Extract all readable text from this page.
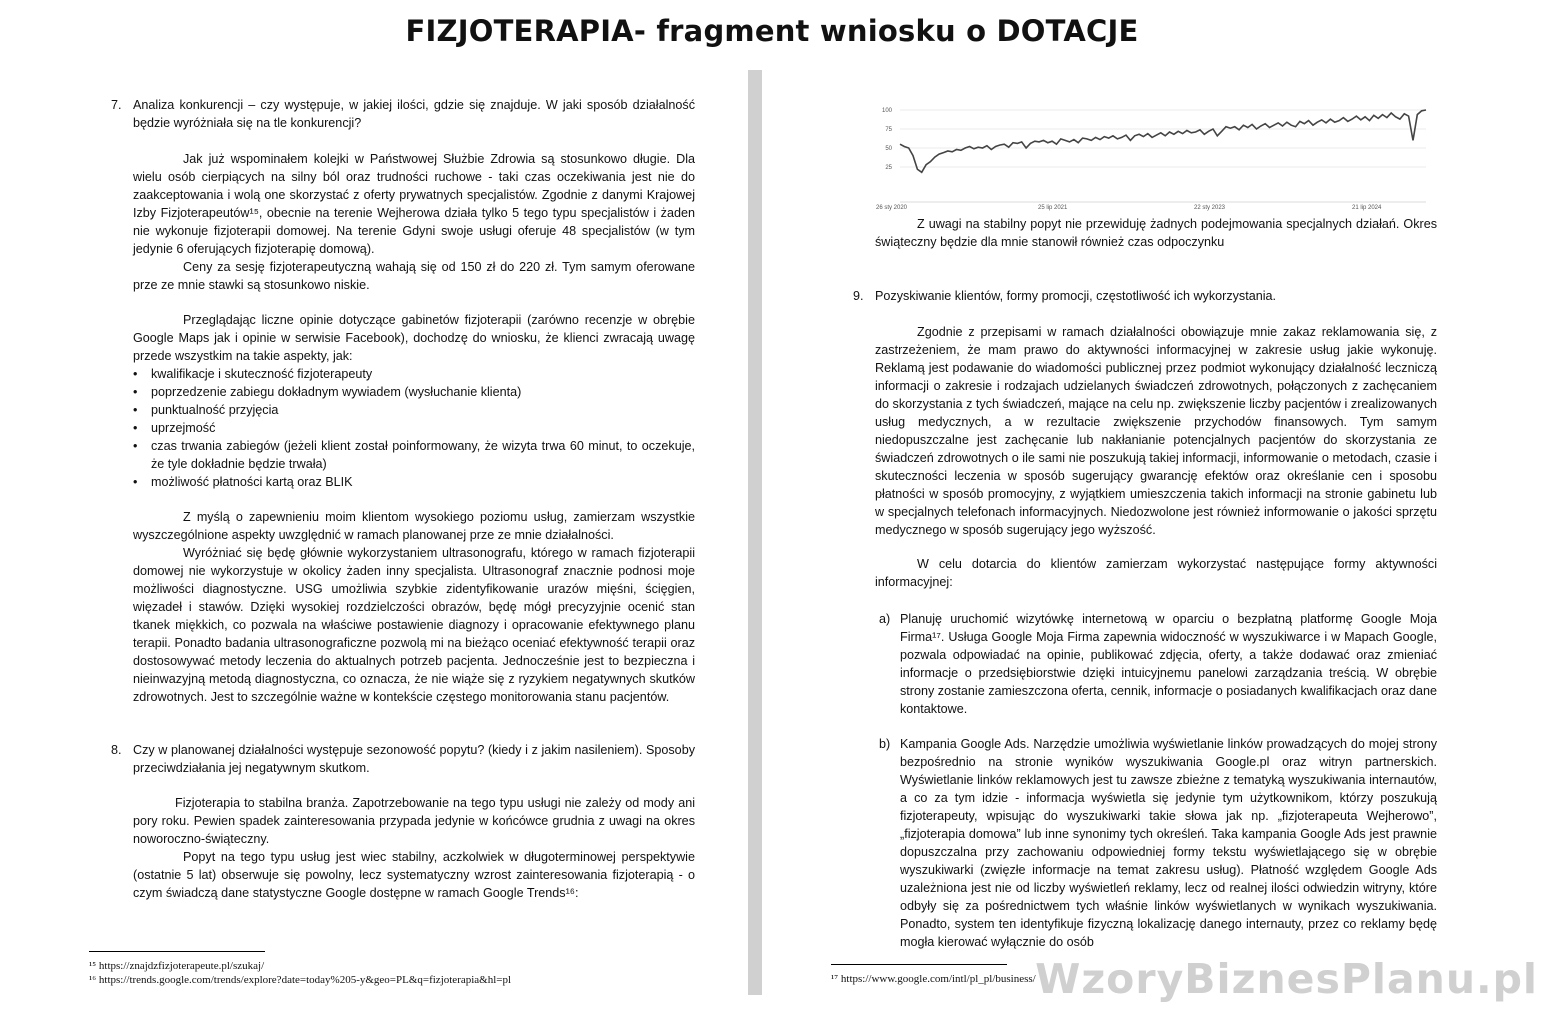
FIZJOTERAPIA- fragment wniosku o DOTACJE
7. Analiza konkurencji – czy występuje, w jakiej ilości, gdzie się znajduje. W jaki sposób działalność będzie wyróżniała się na tle konkurencji?

Jak już wspominałem kolejki w Państwowej Służbie Zdrowia są stosunkowo długie. Dla wielu osób cierpiących na silny ból oraz trudności ruchowe - taki czas oczekiwania jest nie do zaakceptowania i wolą one skorzystać z oferty prywatnych specjalistów. Zgodnie z danymi Krajowej Izby Fizjoterapeutów¹⁵, obecnie na terenie Wejherowa działa tylko 5 tego typu specjalistów i żaden nie wykonuje fizjoterapii domowej. Na terenie Gdyni swoje usługi oferuje 48 specjalistów (w tym jedynie 6 oferujących fizjoterapię domową).

Ceny za sesję fizjoterapeutyczną wahają się od 150 zł do 220 zł. Tym samym oferowane prze ze mnie stawki są stosunkowo niskie.

Przeglądając liczne opinie dotyczące gabinetów fizjoterapii (zarówno recenzje w obrębie Google Maps jak i opinie w serwisie Facebook), dochodzę do wniosku, że klienci zwracają uwagę przede wszystkim na takie aspekty, jak:

• kwalifikacje i skuteczność fizjoterapeuty
• poprzedzenie zabiegu dokładnym wywiadem (wysłuchanie klienta)
• punktualność przyjęcia
• uprzejmość
• czas trwania zabiegów (jeżeli klient został poinformowany, że wizyta trwa 60 minut, to oczekuje, że tyle dokładnie będzie trwała)
• możliwość płatności kartą oraz BLIK

Z myślą o zapewnieniu moim klientom wysokiego poziomu usług, zamierzam wszystkie wyszczególnione aspekty uwzględnić w ramach planowanej prze ze mnie działalności.

Wyróżniać się będę głównie wykorzystaniem ultrasonografu, którego w ramach fizjoterapii domowej nie wykorzystuje w okolicy żaden inny specjalista. Ultrasonograf znacznie podnosi moje możliwości diagnostyczne. USG umożliwia szybkie zidentyfikowanie urazów mięśni, ścięgien, więzadeł i stawów. Dzięki wysokiej rozdzielczości obrazów, będę mógł precyzyjnie ocenić stan tkanek miękkich, co pozwala na właściwe postawienie diagnozy i opracowanie efektywnego planu terapii. Ponadto badania ultrasonograficzne pozwolą mi na bieżąco oceniać efektywność terapii oraz dostosowywać metody leczenia do aktualnych potrzeb pacjenta. Jednocześnie jest to bezpieczna i nieinwazyjną metodą diagnostyczna, co oznacza, że nie wiąże się z ryzykiem negatywnych skutków zdrowotnych. Jest to szczególnie ważne w kontekście częstego monitorowania stanu pacjentów.

8. Czy w planowanej działalności występuje sezonowość popytu? (kiedy i z jakim nasileniem). Sposoby przeciwdziałania jej negatywnym skutkom.

Fizjoterapia to stabilna branża. Zapotrzebowanie na tego typu usługi nie zależy od mody ani pory roku. Pewien spadek zainteresowania przypada jedynie w końcówce grudnia z uwagi na okres noworoczno-świąteczny.

Popyt na tego typu usług jest wiec stabilny, aczkolwiek w długoterminowej perspektywie (ostatnie 5 lat) obserwuje się powolny, lecz systematyczny wzrost zainteresowania fizjoterapią - o czym świadczą dane statystyczne Google dostępne w ramach Google Trends¹⁶:

¹⁵ https://znajdzfizjoterapeute.pl/szukaj/
¹⁶ https://trends.google.com/trends/explore?date=today%205-y&geo=PL&q=fizjoterapia&hl=pl
100
75
50
25
26 sty 2020	25 lip 2021	22 sty 2023	21 lip 2024

Z uwagi na stabilny popyt nie przewiduję żadnych podejmowania specjalnych działań. Okres świąteczny będzie dla mnie stanowił również czas odpoczynku

9. Pozyskiwanie klientów, formy promocji, częstotliwość ich wykorzystania.

Zgodnie z przepisami w ramach działalności obowiązuje mnie zakaz reklamowania się, z zastrzeżeniem, że mam prawo do aktywności informacyjnej w zakresie usług jakie wykonuję. Reklamą jest podawanie do wiadomości publicznej przez podmiot wykonujący działalność leczniczą informacji o zakresie i rodzajach udzielanych świadczeń zdrowotnych, połączonych z zachęcaniem do skorzystania z tych świadczeń, mające na celu np. zwiększenie liczby pacjentów i zrealizowanych usług medycznych, a w rezultacie zwiększenie przychodów finansowych. Tym samym niedopuszczalne jest zachęcanie lub nakłanianie potencjalnych pacjentów do skorzystania ze świadczeń zdrowotnych o ile sami nie poszukują takiej informacji, informowanie o metodach, czasie i skuteczności leczenia w sposób sugerujący gwarancję efektów oraz określanie cen i sposobu płatności w sposób promocyjny, z wyjątkiem umieszczenia takich informacji na stronie gabinetu lub w specjalnych telefonach informacyjnych. Niedozwolone jest również informowanie o jakości sprzętu medycznego w sposób sugerujący jego wyższość.

W celu dotarcia do klientów zamierzam wykorzystać następujące formy aktywności informacyjnej:

a) Planuję uruchomić wizytówkę internetową w oparciu o bezpłatną platformę Google Moja Firma¹⁷. Usługa Google Moja Firma zapewnia widoczność w wyszukiwarce i w Mapach Google, pozwala odpowiadać na opinie, publikować zdjęcia, oferty, a także dodawać oraz zmieniać informacje o przedsiębiorstwie dzięki intuicyjnemu panelowi zarządzania treścią. W obrębie strony zostanie zamieszczona oferta, cennik, informacje o posiadanych kwalifikacjach oraz dane kontaktowe.
b) Kampania Google Ads. Narzędzie umożliwia wyświetlanie linków prowadzących do mojej strony bezpośrednio na stronie wyników wyszukiwania Google.pl oraz witryn partnerskich. Wyświetlanie linków reklamowych jest tu zawsze zbieżne z tematyką wyszukiwania internautów, a co za tym idzie - informacja wyświetla się jedynie tym użytkownikom, którzy poszukują fizjoterapeuty, wpisując do wyszukiwarki takie słowa jak np. „fizjoterapeuta Wejherowo”, „fizjoterapia domowa” lub inne synonimy tych określeń. Taka kampania Google Ads jest prawnie dopuszczalna przy zachowaniu odpowiedniej formy tekstu wyświetlającego się w obrębie wyszukiwarki (zwięzłe informacje na temat zakresu usług). Płatność względem Google Ads uzależniona jest nie od liczby wyświetleń reklamy, lecz od realnej ilości odwiedzin witryny, które odbyły się za pośrednictwem tych właśnie linków wyświetlanych w wynikach wyszukiwania. Ponadto, system ten identyfikuje fizyczną lokalizację danego internauty, przez co reklamy będę mogła kierować wyłącznie do osób
¹⁷ https://www.google.com/intl/pl_pl/business/ WzoryBiznesPlanu.pl
